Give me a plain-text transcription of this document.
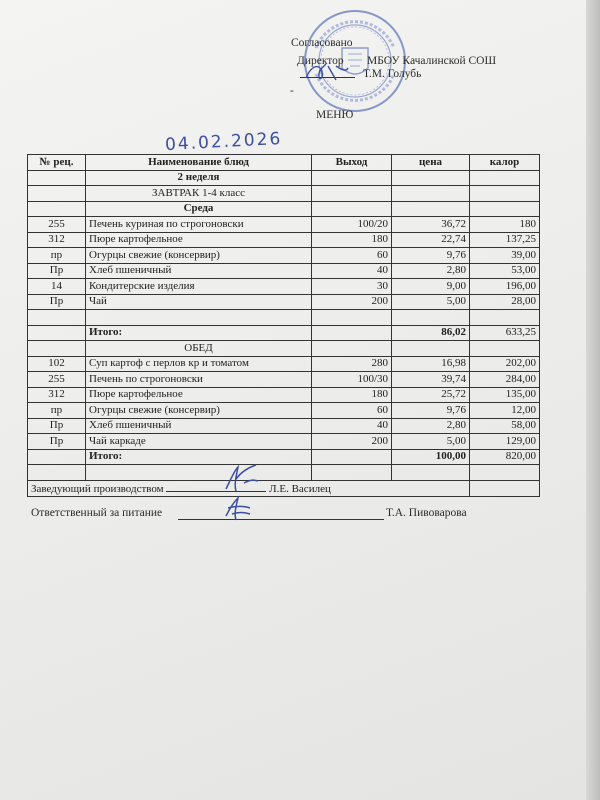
Согласовано
Директор МБОУ Качалинской СОШ
Т.М. Голубь
-
МЕНЮ
04.02.2026
№ рец.	Наименование блюд	Выход	цена	калор
	2 неделя			
	ЗАВТРАК 1-4 класс			
	Среда			
255	Печень куриная по строгоновски	100/20	36,72	180
312	Пюре картофельное	180	22,74	137,25
пр	Огурцы свежие (консервир)	60	9,76	39,00
Пр	Хлеб пшеничный	40	2,80	53,00
14	Кондитерские изделия	30	9,00	196,00
Пр	Чай	200	5,00	28,00

	Итого:		86,02	633,25
	ОБЕД			
102	Суп картоф с перлов кр и томатом	280	16,98	202,00
255	Печень по строгоновски	100/30	39,74	284,00
312	Пюре картофельное	180	25,72	135,00
пр	Огурцы свежие (консервир)	60	9,76	12,00
Пр	Хлеб пшеничный	40	2,80	58,00
Пр	Чай каркаде	200	5,00	129,00
	Итого:		100,00	820,00

Заведующий производством Л.Е. Василец				
Ответственный за питание	Т.А. Пивоварова
